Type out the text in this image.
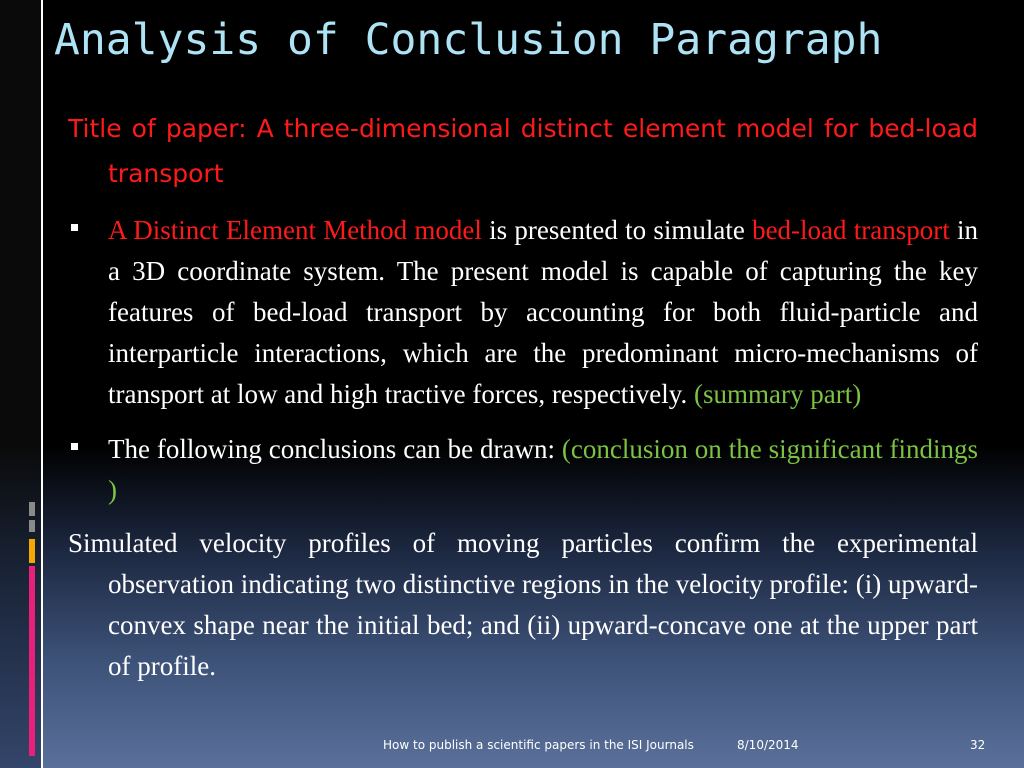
Analysis of Conclusion Paragraph

Title of paper: A three-dimensional distinct element model for bed-load transport

A Distinct Element Method model is presented to simulate bed-load transport in a 3D coordinate system. The present model is capable of capturing the key features of bed-load transport by accounting for both fluid-particle and interparticle interactions, which are the predominant micro-mechanisms of transport at low and high tractive forces, respectively. (summary part)

The following conclusions can be drawn: (conclusion on the significant findings )

Simulated velocity profiles of moving particles confirm the experimental observation indicating two distinctive regions in the velocity profile: (i) upward-convex shape near the initial bed; and (ii) upward-concave one at the upper part of profile.

How to publish a scientific papers in the ISI Journals	8/10/2014	32
